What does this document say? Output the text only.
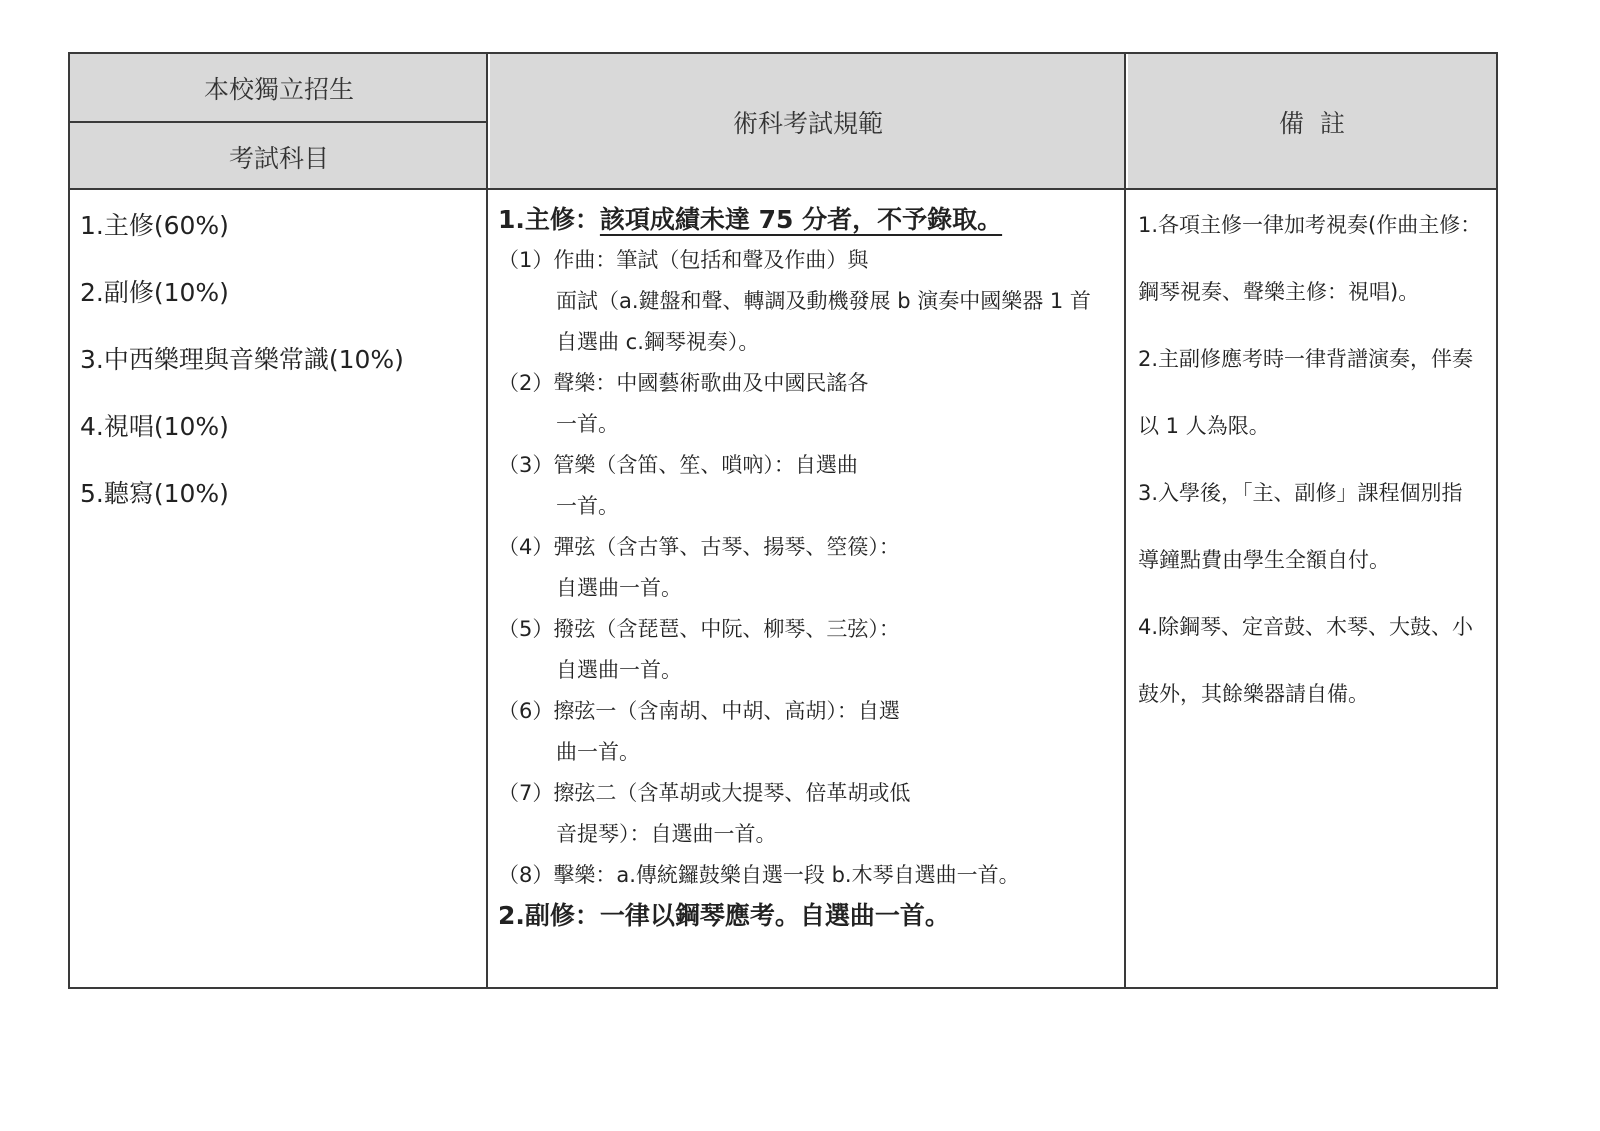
本校獨立招生
考試科目
術科考試規範	備  註
1.主修(60%)
2.副修(10%)
3.中西樂理與音樂常識(10%)
4.視唱(10%)
5.聽寫(10%)
1.主修：該項成績未達 75 分者，不予錄取。
（1）作曲：筆試（包括和聲及作曲）與
面試（a.鍵盤和聲、轉調及動機發展 b 演奏中國樂器 1 首
自選曲 c.鋼琴視奏）。
（2）聲樂：中國藝術歌曲及中國民謠各
一首。
（3）管樂（含笛、笙、嗩吶）：自選曲
一首。
（4）彈弦（含古箏、古琴、揚琴、箜篌）：
自選曲一首。
（5）撥弦（含琵琶、中阮、柳琴、三弦）：
自選曲一首。
（6）擦弦一（含南胡、中胡、高胡）：自選
曲一首。
（7）擦弦二（含革胡或大提琴、倍革胡或低
音提琴）：自選曲一首。
（8）擊樂：a.傳統鑼鼓樂自選一段 b.木琴自選曲一首。
2.副修：一律以鋼琴應考。自選曲一首。
1.各項主修一律加考視奏(作曲主修：
鋼琴視奏、聲樂主修：視唱)。
2.主副修應考時一律背譜演奏，伴奏
以 1 人為限。
3.入學後，「主、副修」課程個別指
導鐘點費由學生全額自付。
4.除鋼琴、定音鼓、木琴、大鼓、小
鼓外，其餘樂器請自備。
